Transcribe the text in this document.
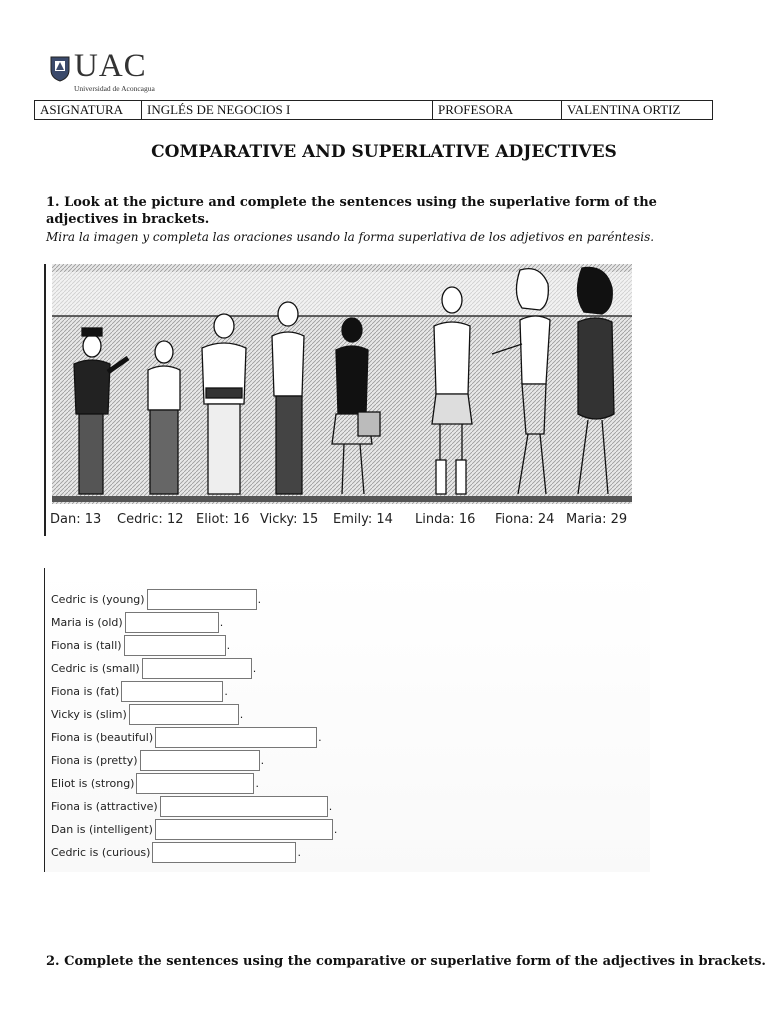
UAC
Universidad de Aconcagua
ASIGNATURA	INGLÉS DE NEGOCIOS I	PROFESORA	VALENTINA ORTIZ
COMPARATIVE AND SUPERLATIVE ADJECTIVES
1. Look at the picture and complete the sentences using the superlative form of the adjectives in brackets.
Mira la imagen y completa las oraciones usando la forma superlativa de los adjetivos en paréntesis.
Dan: 13 Cedric: 12 Eliot: 16 Vicky: 15 Emily: 14 Linda: 16 Fiona: 24 Maria: 29
Cedric is (young)	.
Maria is (old)	.
Fiona is (tall)	.
Cedric is (small)	.
Fiona is (fat)	.
Vicky is (slim)	.
Fiona is (beautiful)	.
Fiona is (pretty)	.
Eliot is (strong)	.
Fiona is (attractive)	.
Dan is (intelligent)	.
Cedric is (curious)	.
2. Complete the sentences using the comparative or superlative form of the adjectives in brackets.
